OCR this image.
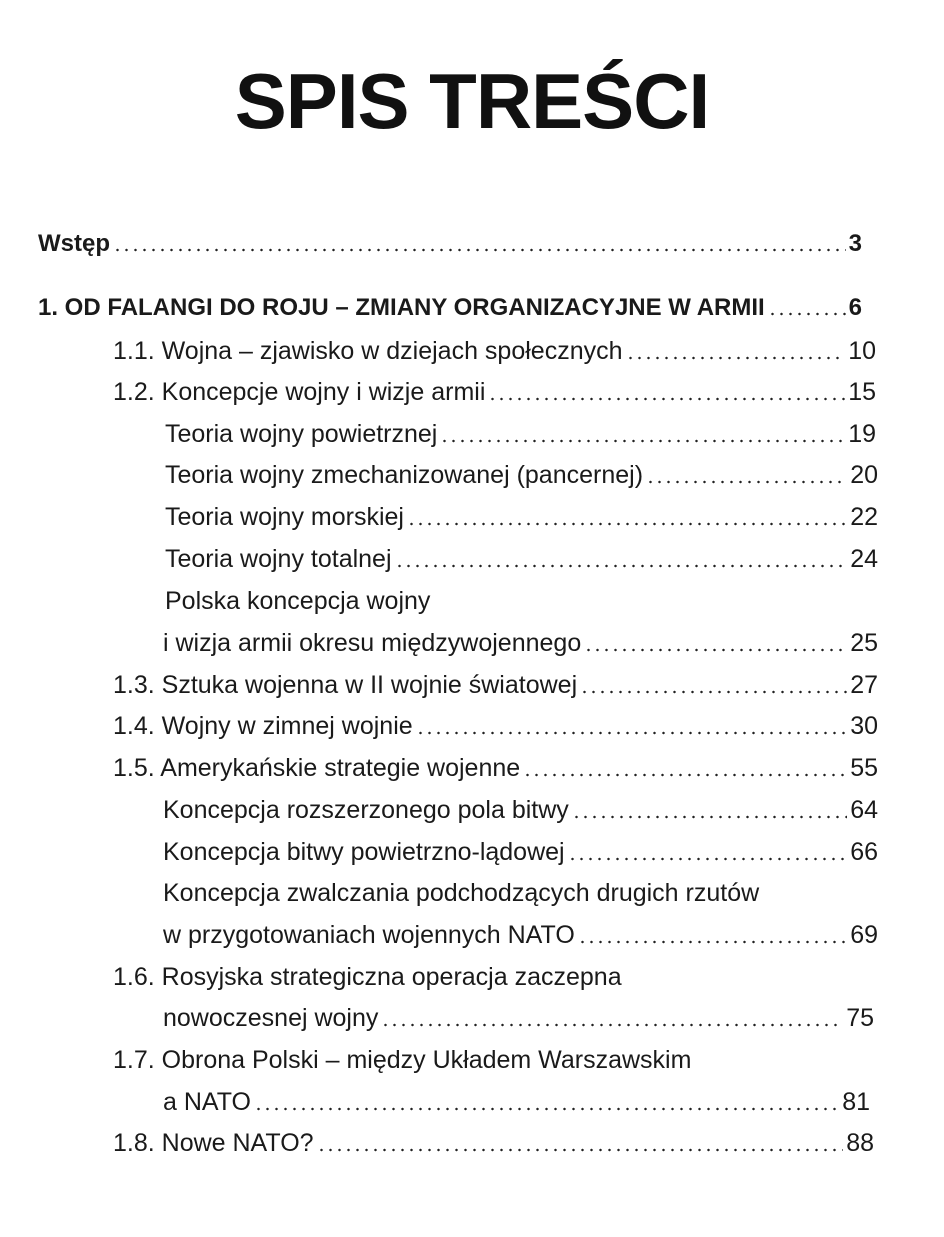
SPIS TREŚCI
Wstęp	3
1. OD FALANGI DO ROJU – ZMIANY ORGANIZACYJNE W ARMII	6
1.1. Wojna – zjawisko w dziejach społecznych	10
1.2. Koncepcje wojny i wizje armii	15
Teoria wojny powietrznej	19
Teoria wojny zmechanizowanej (pancernej)	20
Teoria wojny morskiej	22
Teoria wojny totalnej	24
Polska koncepcja wojny
i wizja armii okresu międzywojennego	25
1.3. Sztuka wojenna w II wojnie światowej	27
1.4. Wojny w zimnej wojnie	30
1.5. Amerykańskie strategie wojenne	55
Koncepcja rozszerzonego pola bitwy	64
Koncepcja bitwy powietrzno-lądowej	66
Koncepcja zwalczania podchodzących drugich rzutów
w przygotowaniach wojennych NATO	69
1.6. Rosyjska strategiczna operacja zaczepna
nowoczesnej wojny	75
1.7. Obrona Polski – między Układem Warszawskim
a NATO	81
1.8. Nowe NATO?	88
